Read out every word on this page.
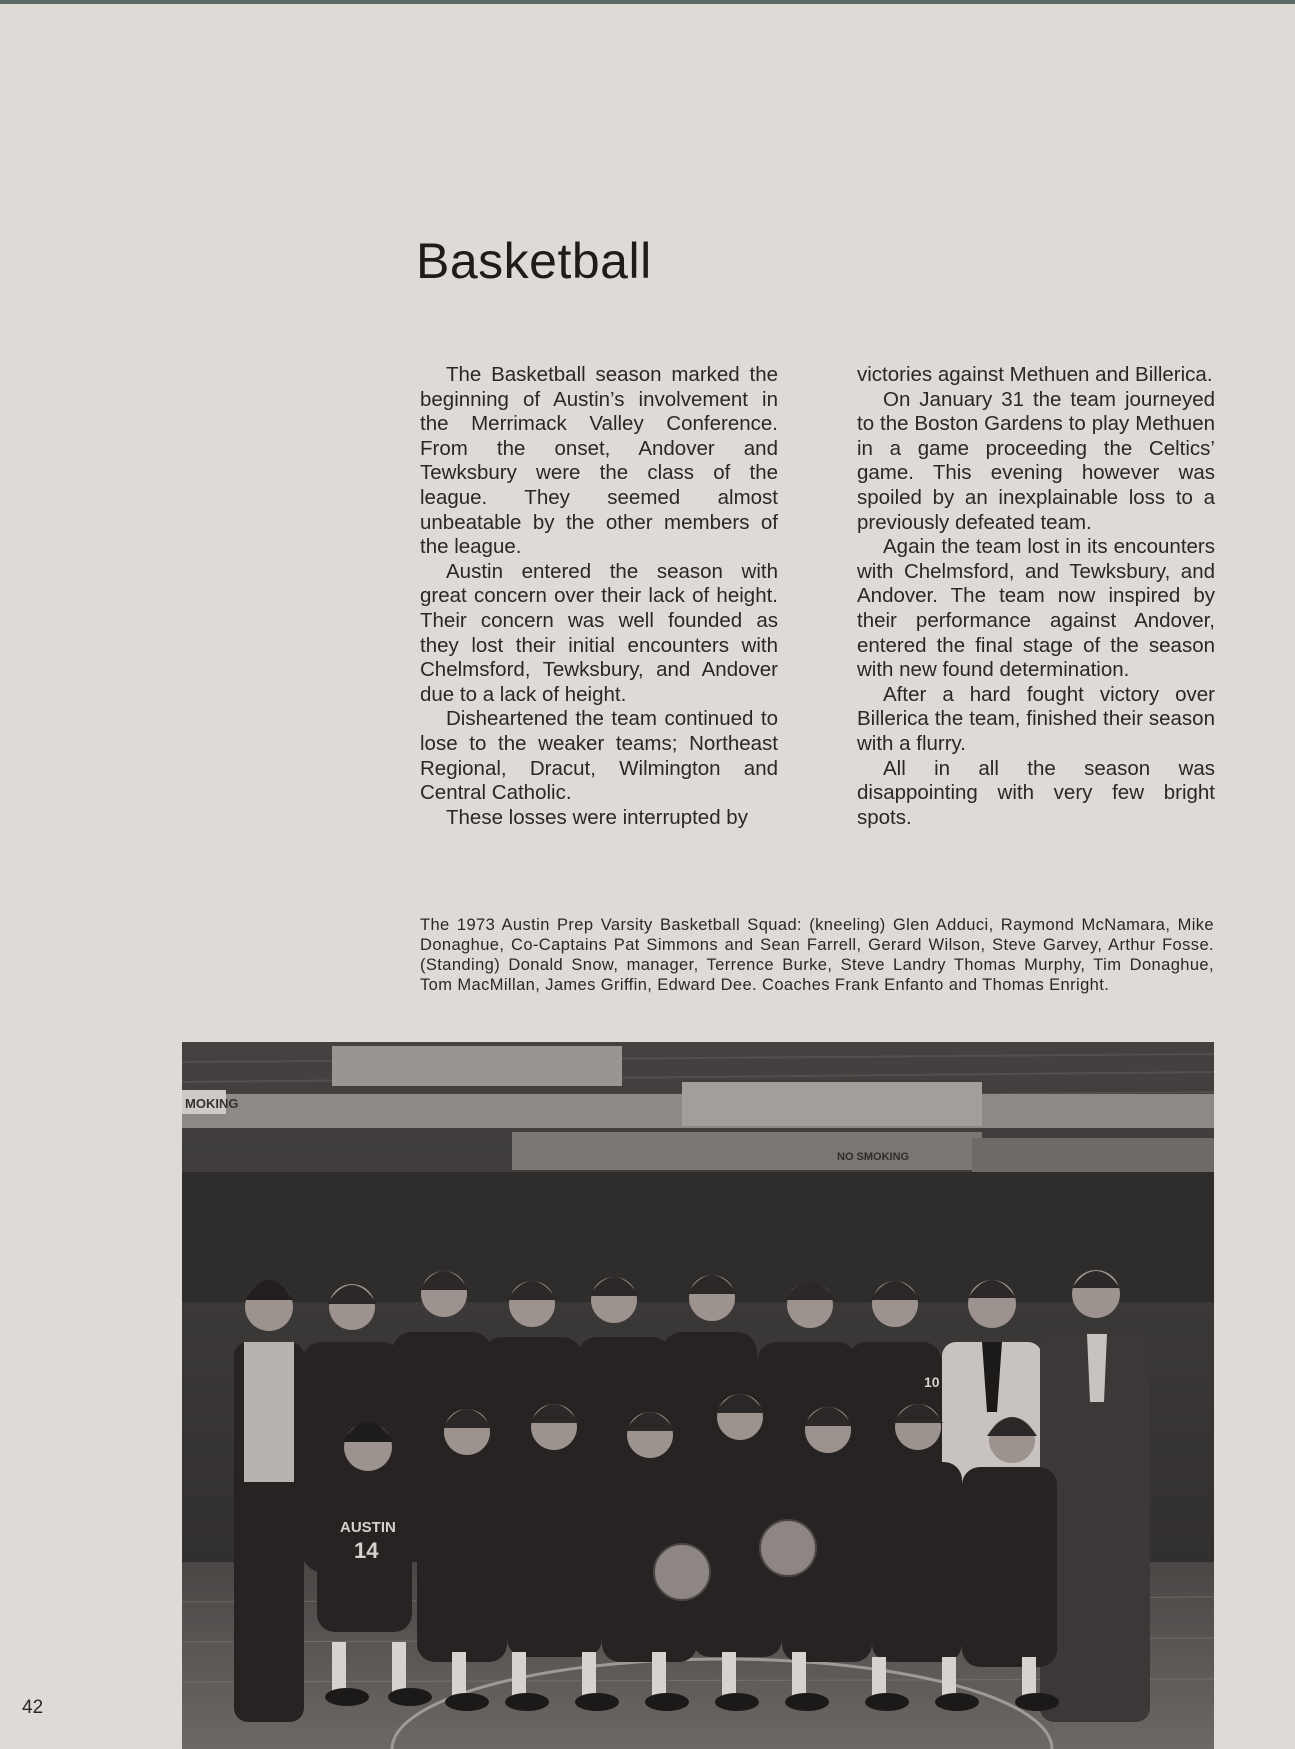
Basketball

The Basketball season marked the beginning of Austin’s involvement in the Merrimack Valley Conference. From the onset, Andover and Tewksbury were the class of the league. They seemed almost unbeatable by the other members of the league.

Austin entered the season with great concern over their lack of height. Their concern was well founded as they lost their initial encounters with Chelmsford, Tewksbury, and Andover due to a lack of height.

Disheartened the team continued to lose to the weaker teams; Northeast Regional, Dracut, Wilmington and Central Catholic.

These losses were interrupted by

victories against Methuen and Billerica.

On January 31 the team journeyed to the Boston Gardens to play Methuen in a game proceeding the Celtics’ game. This evening however was spoiled by an inexplainable loss to a previously defeated team.

Again the team lost in its encounters with Chelmsford, and Tewksbury, and Andover. The team now inspired by their performance against Andover, entered the final stage of the season with new found determination.

After a hard fought victory over Billerica the team, finished their season with a flurry.

All in all the season was disappointing with very few bright spots.

The 1973 Austin Prep Varsity Basketball Squad: (kneeling) Glen Adduci, Raymond McNamara, Mike Donaghue, Co-Captains Pat Simmons and Sean Farrell, Gerard Wilson, Steve Garvey, Arthur Fosse. (Standing) Donald Snow, manager, Terrence Burke, Steve Landry Thomas Murphy, Tim Donaghue, Tom MacMillan, James Griffin, Edward Dee. Coaches Frank Enfanto and Thomas Enright.

MOKING
NO SMOKING
10
AUSTIN
14
42
